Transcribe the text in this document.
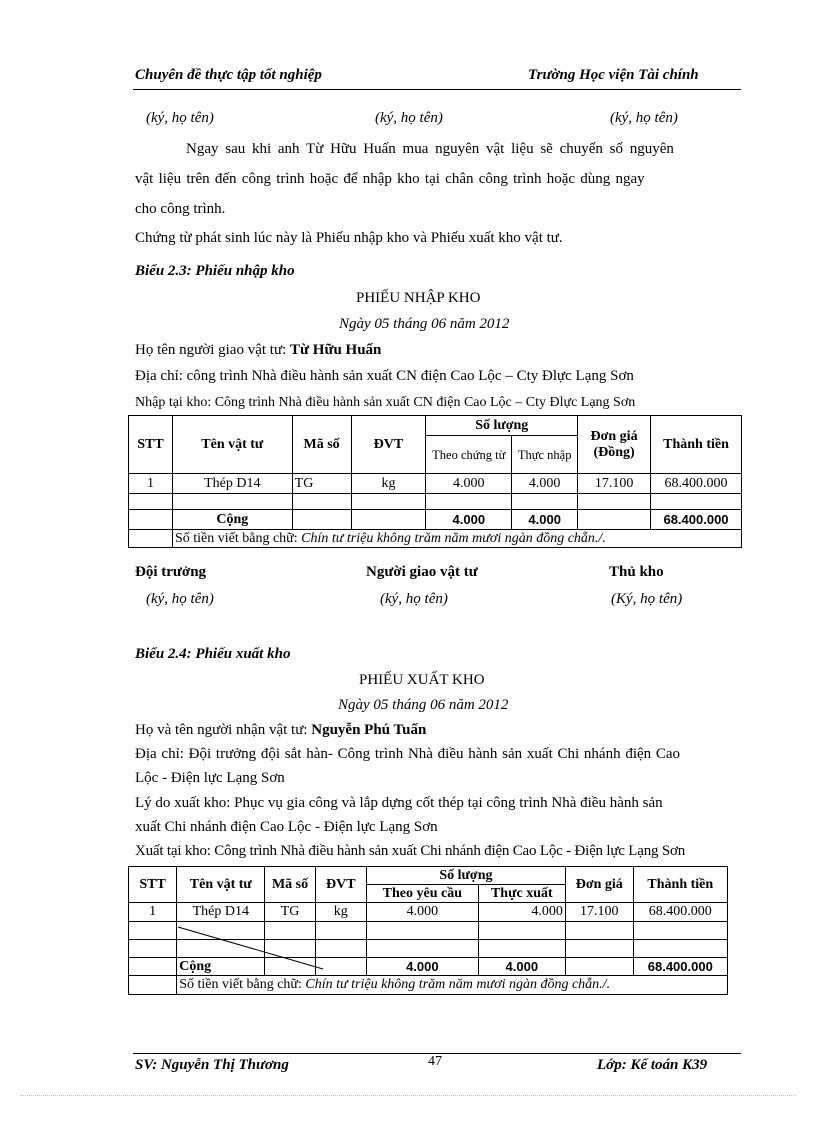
Chuyên đề thực tập tốt nghiệp	Trường Học viện Tài chính
(ký, họ tên)	(ký, họ tên)	(ký, họ tên)
Ngay sau khi anh Từ Hữu Huấn mua nguyên vật liệu sẽ chuyển số nguyên
vật liệu trên đến công trình hoặc để nhập kho tại chân công trình hoặc dùng ngay
cho công trình.
Chứng từ phát sinh lúc này là Phiếu nhập kho và Phiếu xuất kho vật tư.
Biểu 2.3: Phiếu nhập kho
PHIẾU NHẬP KHO
Ngày 05 tháng 06 năm 2012
Họ tên người giao vật tư: Từ Hữu Huấn
Địa chỉ: công trình Nhà điều hành sản xuất CN điện Cao Lộc – Cty Đlực Lạng Sơn
Nhập tại kho: Công trình Nhà điều hành sản xuất CN điện Cao Lộc – Cty Đlực Lạng Sơn
STT	Tên vật tư	Mã số	ĐVT	Số lượng		Đơn giá (Đồng)	Thành tiền
				Theo chứng từ	Thực nhập		
1	Thép D14	TG	kg	4.000	4.000	17.100	68.400.000

	Cộng			4.000	4.000		68.400.000
	Số tiền viết bằng chữ: Chín tư triệu không trăm năm mươi ngàn đồng chẵn./.						
Đội trưởng	Người giao vật tư	Thủ kho
(ký, họ tên)	(ký, họ tên)	(Ký, họ tên)
Biểu 2.4: Phiếu xuất kho
PHIẾU XUẤT KHO
Ngày 05 tháng 06 năm 2012
Họ và tên người nhận vật tư: Nguyễn Phú Tuấn
Địa chỉ: Đội trưởng đội sắt hàn- Công trình Nhà điều hành sản xuất Chi nhánh điện Cao
Lộc - Điện lực Lạng Sơn
Lý do xuất kho: Phục vụ gia công và lắp dựng cốt thép tại công trình Nhà điều hành sản
xuất Chi nhánh điện Cao Lộc - Điện lực Lạng Sơn
Xuất tại kho: Công trình Nhà điều hành sản xuất Chi nhánh điện Cao Lộc - Điện lực Lạng Sơn
STT	Tên vật tư	Mã số	ĐVT	Số lượng		Đơn giá	Thành tiền
				Theo yêu cầu	Thực xuất		
1	Thép D14	TG	kg	4.000	4.000	17.100	68.400.000

	Cộng			4.000	4.000		68.400.000
	Số tiền viết bằng chữ: Chín tư triệu không trăm năm mươi ngàn đồng chẵn./.						
47
SV: Nguyễn Thị Thương	Lớp: Kế toán K39
